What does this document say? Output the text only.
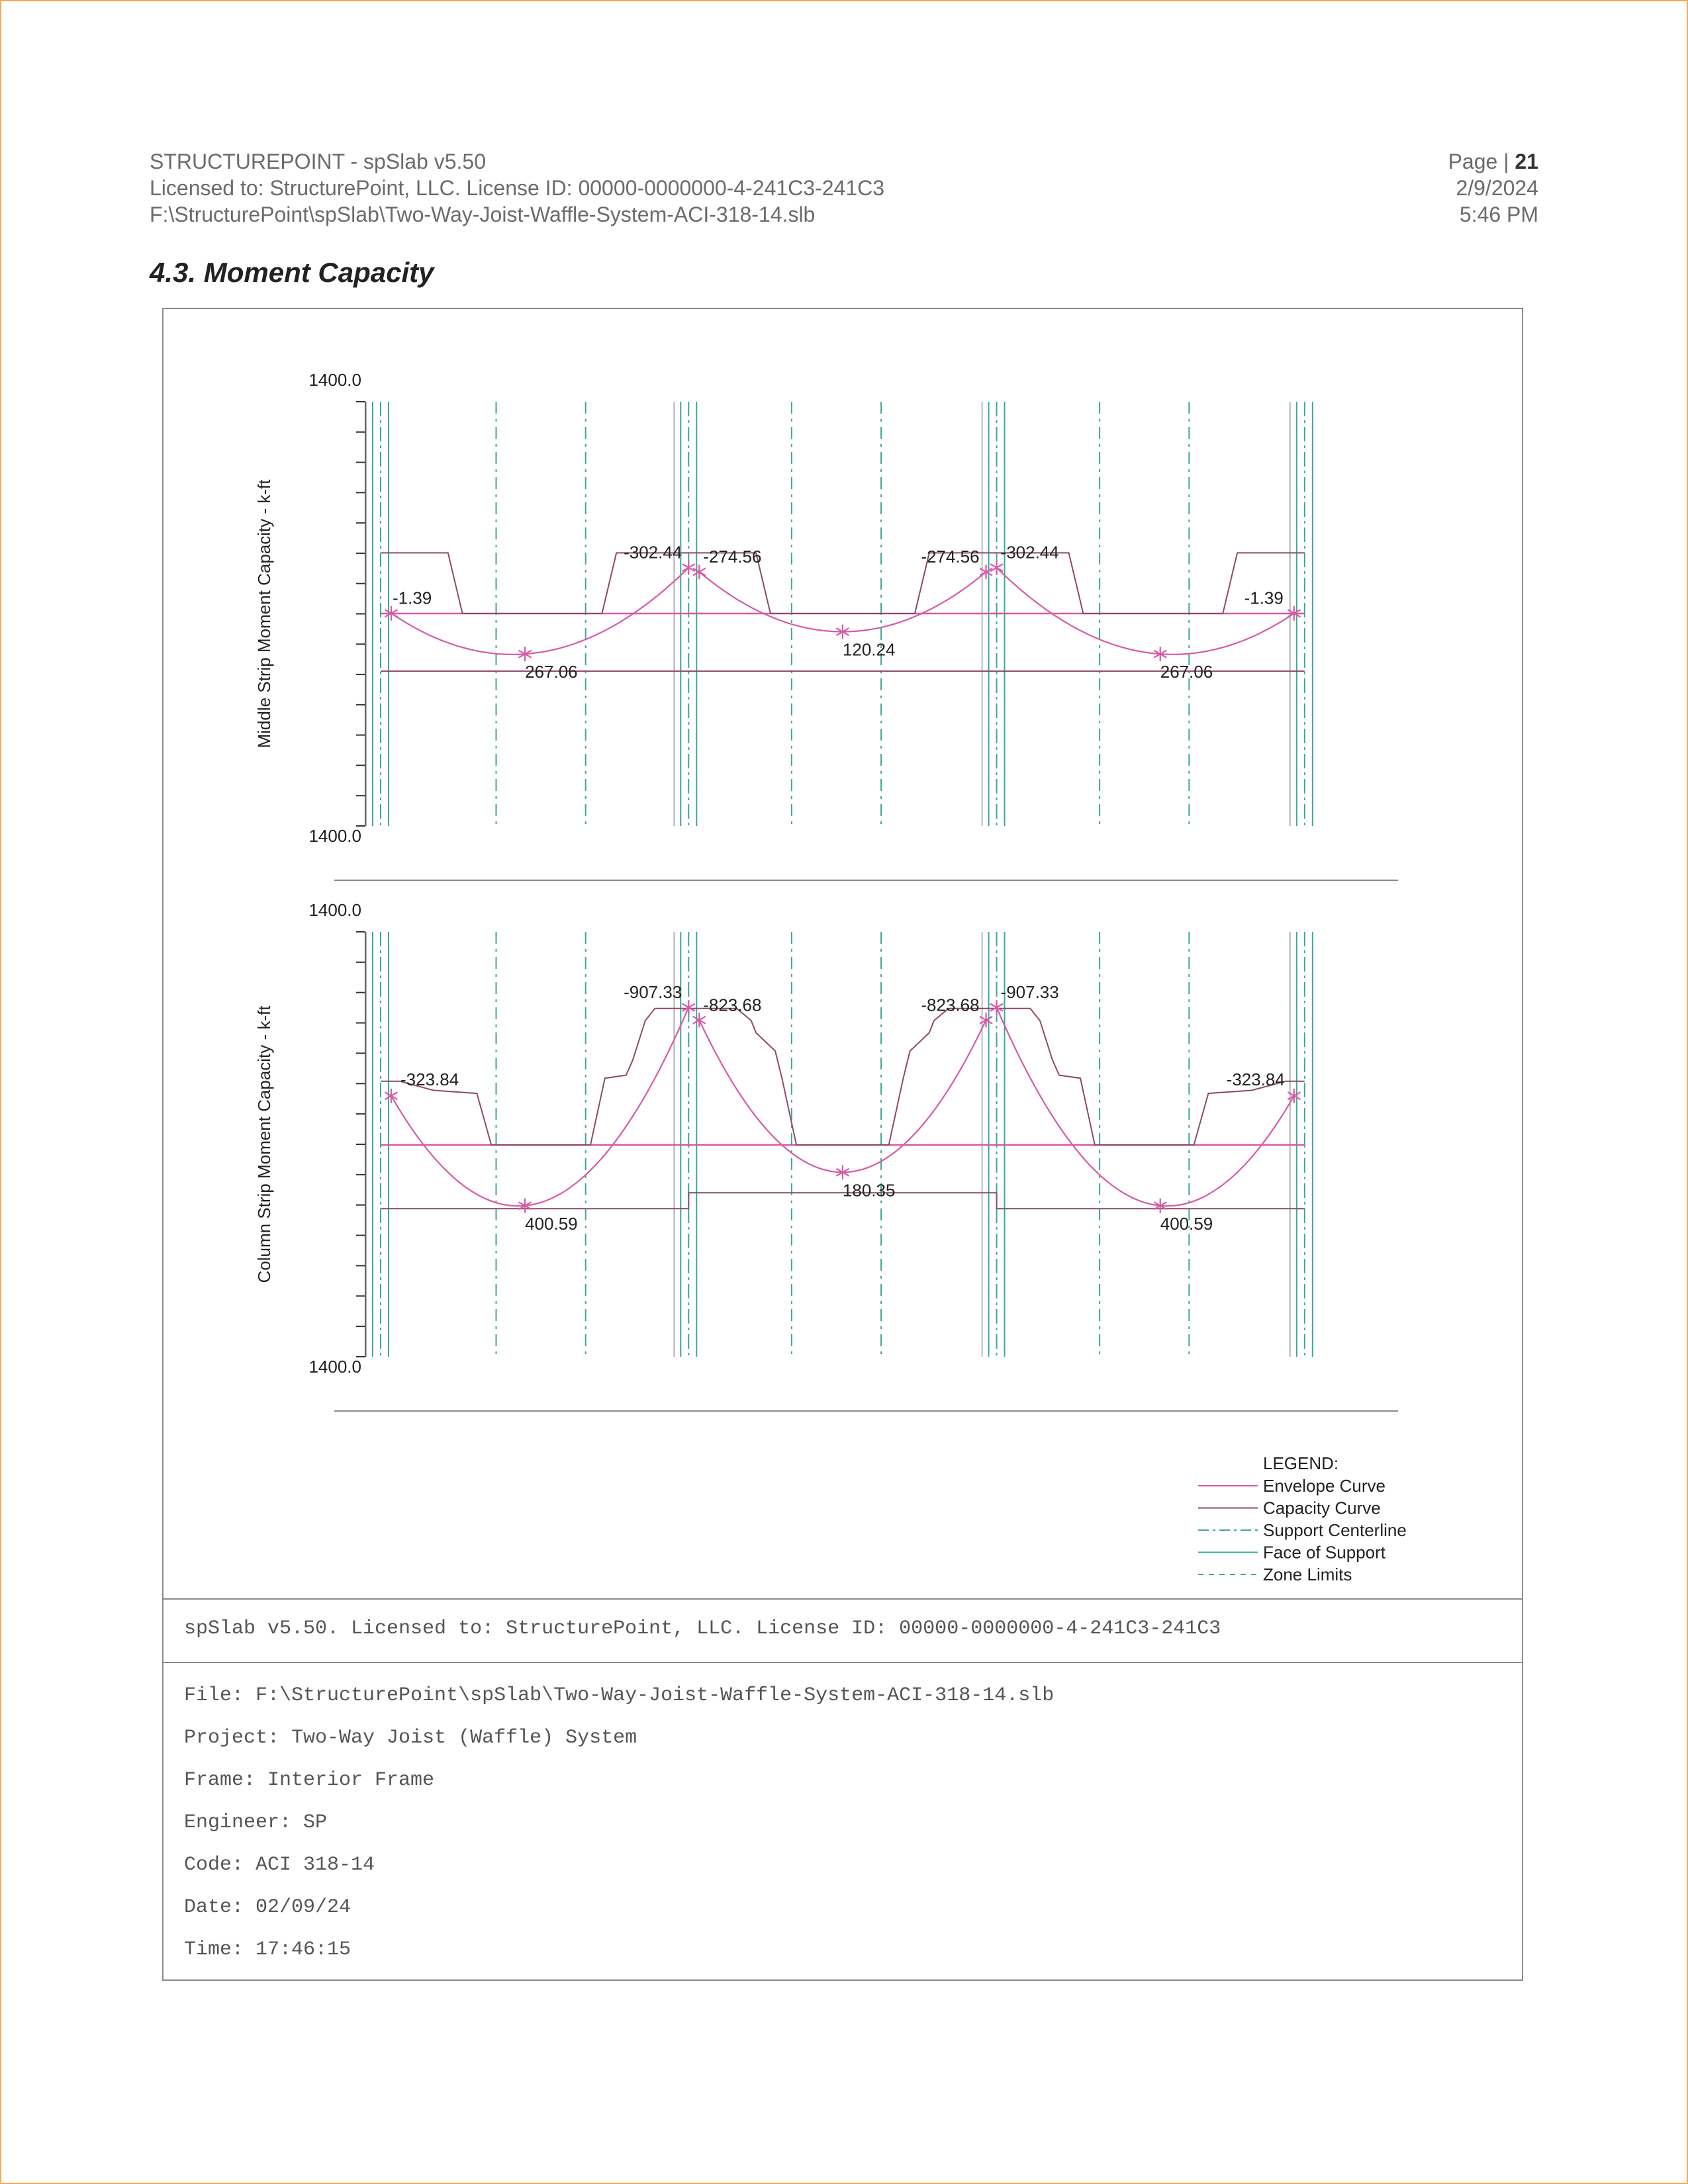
STRUCTUREPOINT - spSlab v5.50
Licensed to: StructurePoint, LLC. License ID: 00000-0000000-4-241C3-241C3
F:\StructurePoint\spSlab\Two-Way-Joist-Waffle-System-ACI-318-14.slb
Page | 21
2/9/2024
5:46 PM
4.3. Moment Capacity
1400.0
1400.0
Middle Strip Moment Capacity - k-ft	-1.39
267.06
-302.44 -274.56
120.24
-274.56 -302.44
267.06
-1.39
1400.0
1400.0
Column Strip Moment Capacity - k-ft	-323.84
400.59
-907.33
-823.68
180.35
-823.68
-907.33
400.59
-323.84
LEGEND:
Envelope Curve
Capacity Curve
Support Centerline
Face of Support
Zone Limits
spSlab v5.50. Licensed to: StructurePoint, LLC. License ID: 00000-0000000-4-241C3-241C3
File: F:\StructurePoint\spSlab\Two-Way-Joist-Waffle-System-ACI-318-14.slb
Project: Two-Way Joist (Waffle) System
Frame: Interior Frame
Engineer: SP
Code: ACI 318-14
Date: 02/09/24
Time: 17:46:15
